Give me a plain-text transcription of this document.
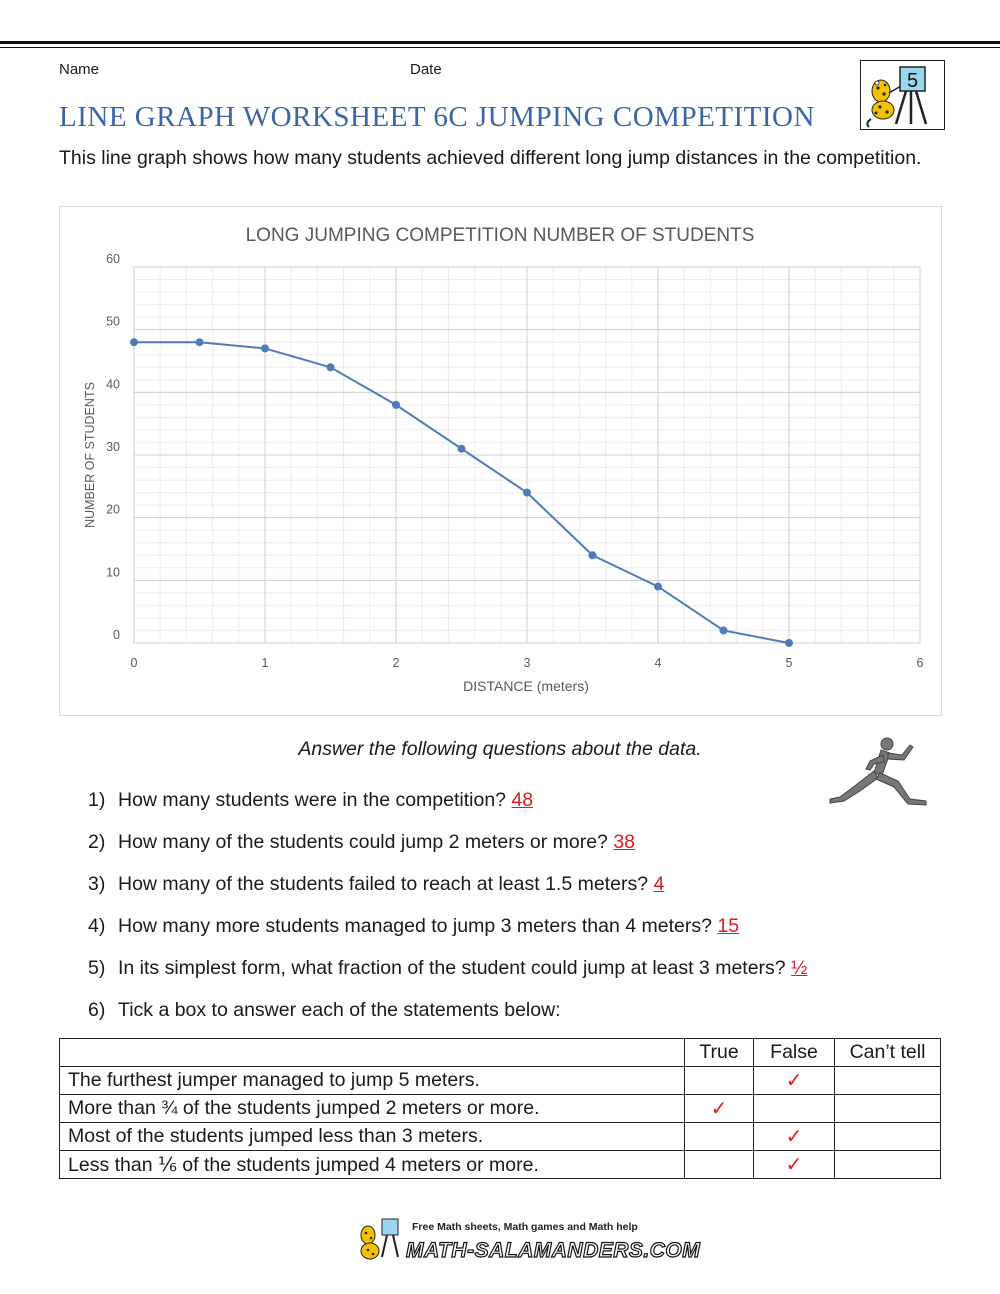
Name	Date
5
LINE GRAPH WORKSHEET 6C JUMPING COMPETITION
This line graph shows how many students achieved different long jump distances in the competition.
LONG JUMPING COMPETITION NUMBER OF STUDENTS
0	1	2	3	4	5	6
0
10
20
30
40
50
60
DISTANCE (meters)
NUMBER OF STUDENTS
Answer the following questions about the data.
1) How many students were in the competition? 48
2) How many of the students could jump 2 meters or more? 38
3) How many of the students failed to reach at least 1.5 meters? 4
4) How many more students managed to jump 3 meters than 4 meters? 15
5) In its simplest form, what fraction of the student could jump at least 3 meters? ½
6) Tick a box to answer each of the statements below:
	True	False	Can’t tell
The furthest jumper managed to jump 5 meters.		✓	
More than ¾ of the students jumped 2 meters or more.	✓		
Most of the students jumped less than 3 meters.		✓	
Less than ⅙ of the students jumped 4 meters or more.		✓	
Free Math sheets, Math games and Math help
MATH-SALAMANDERS.COM
